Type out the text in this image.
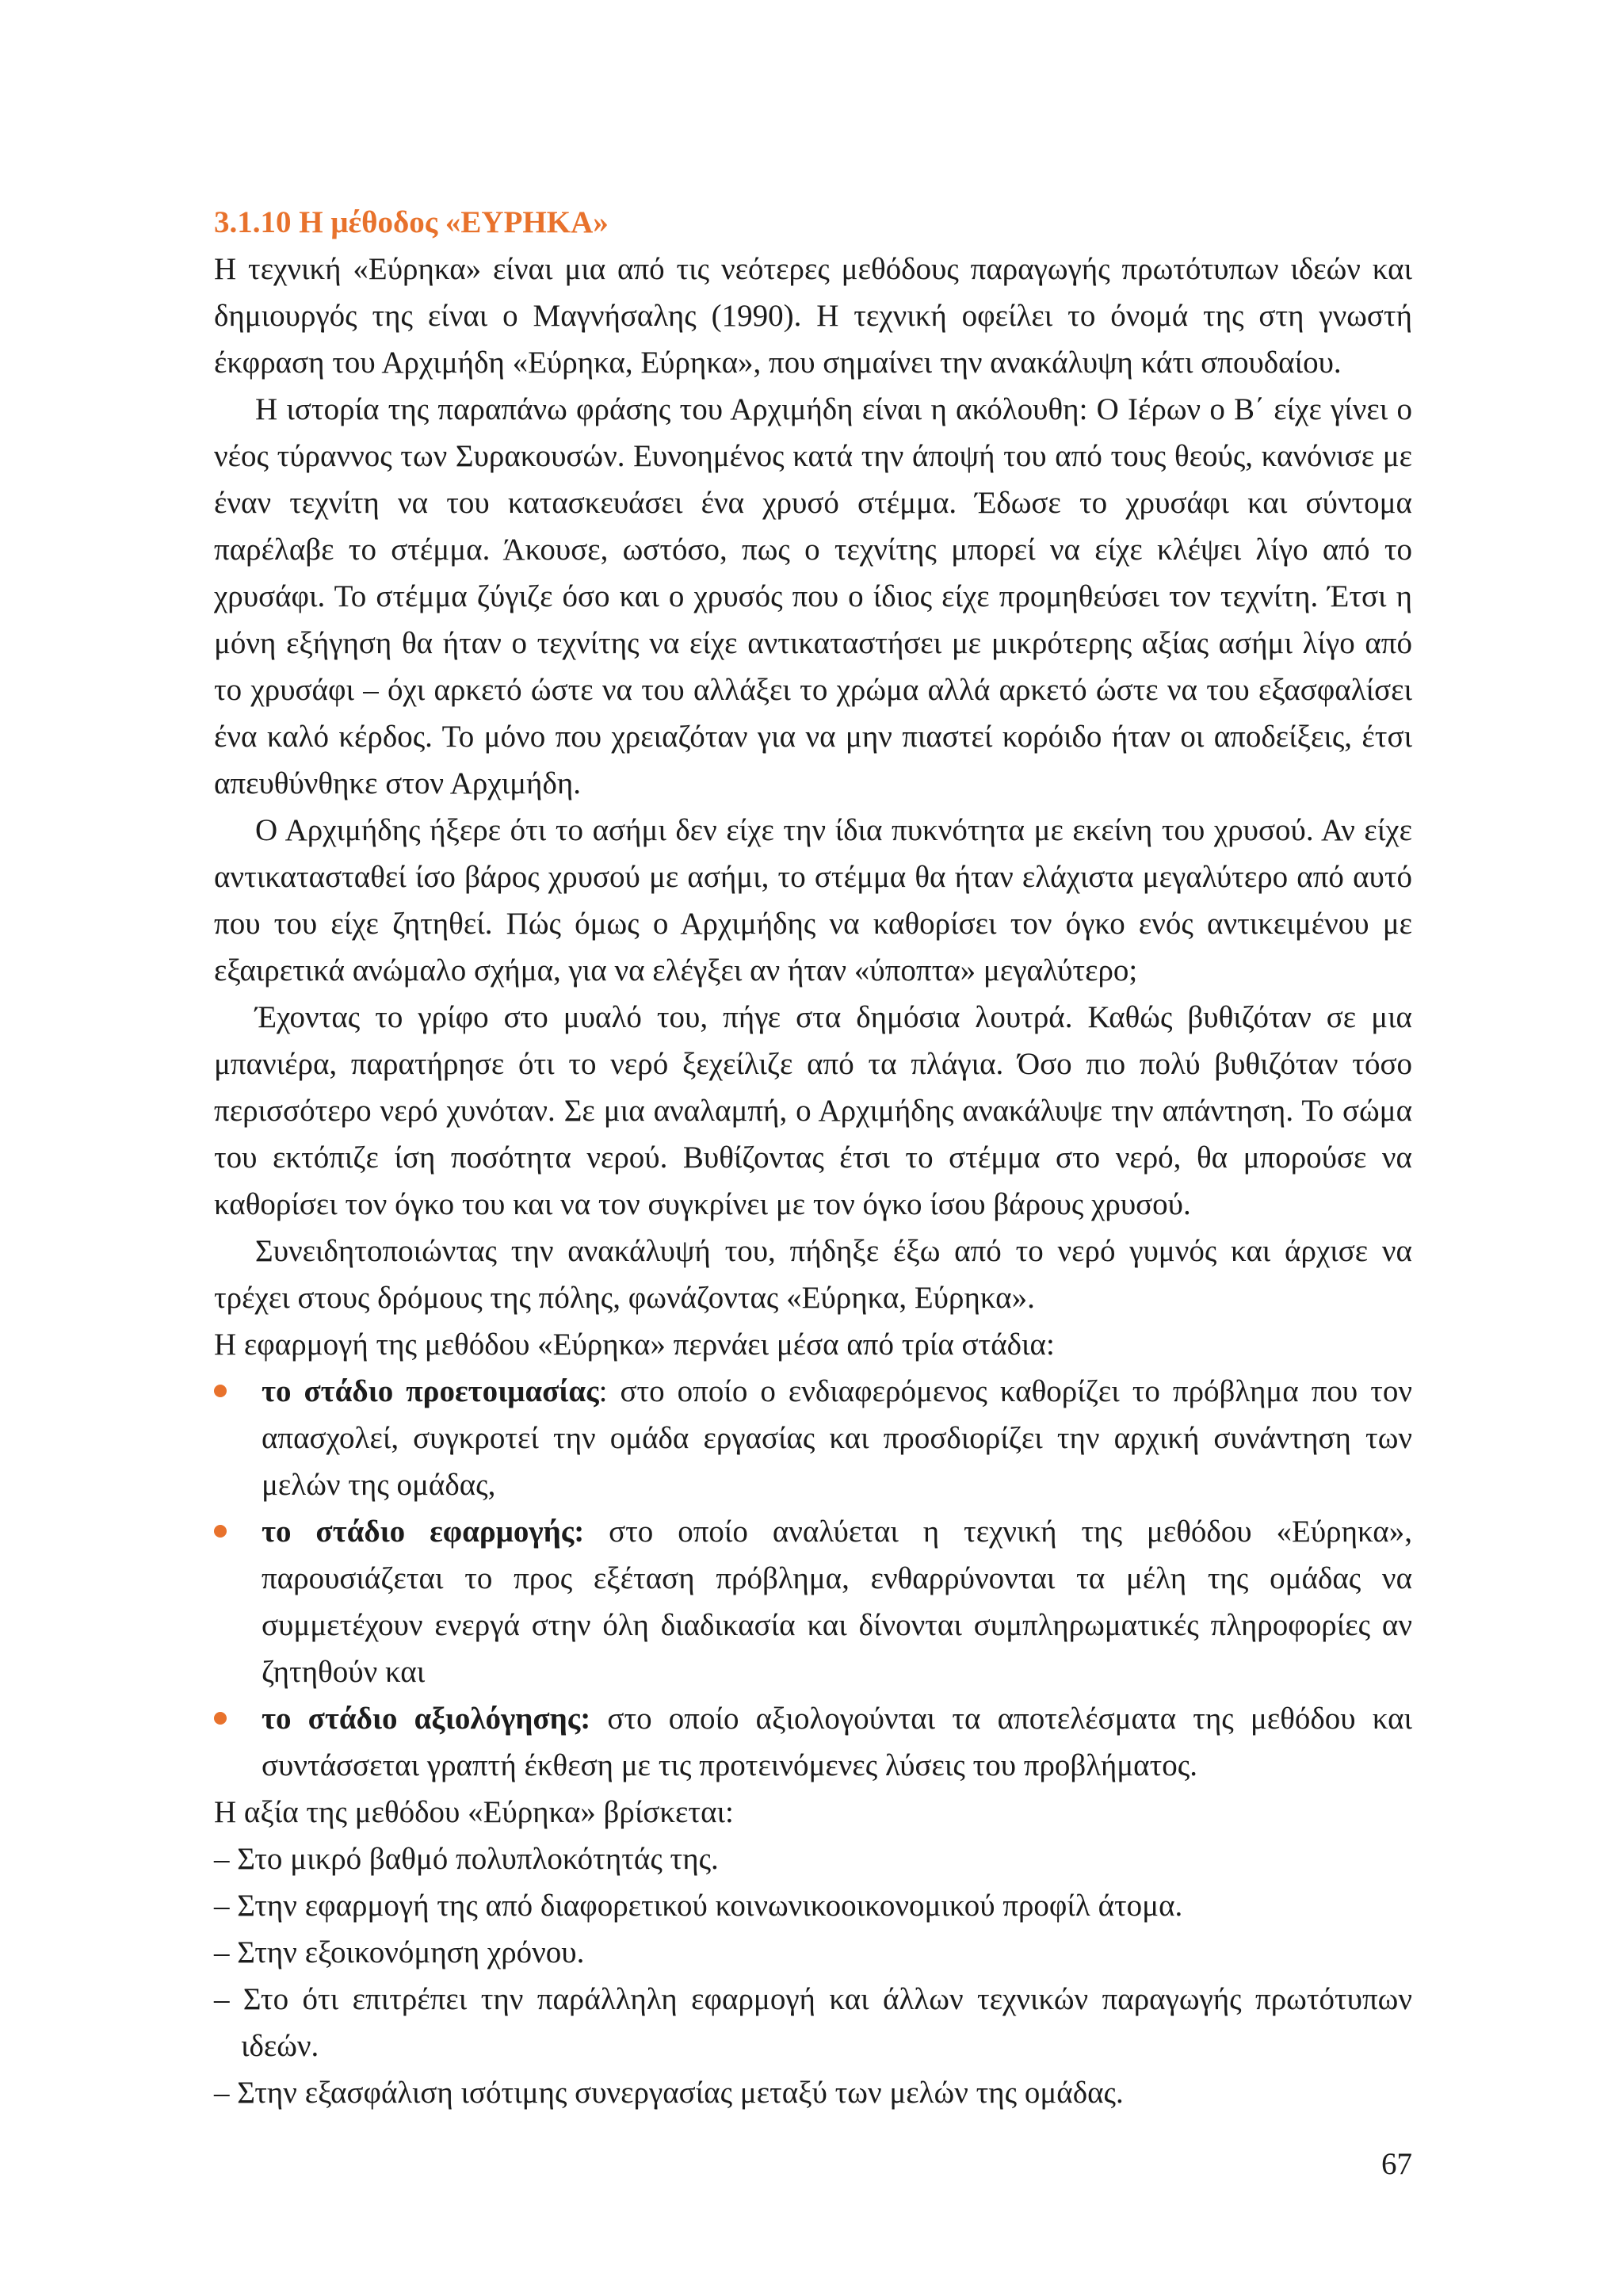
3.1.10 Η μέθοδος «ΕΥΡΗΚΑ»

Η τεχνική «Εύρηκα» είναι μια από τις νεότερες μεθόδους παραγωγής πρωτότυπων ιδεών και δημιουργός της είναι ο Μαγνήσαλης (1990). Η τεχνική οφείλει το όνομά της στη γνωστή έκφραση του Αρχιμήδη «Εύρηκα, Εύρηκα», που σημαίνει την ανακάλυψη κάτι σπουδαίου.

Η ιστορία της παραπάνω φράσης του Αρχιμήδη είναι η ακόλουθη: Ο Ιέρων ο Β΄ είχε γίνει ο νέος τύραννος των Συρακουσών. Ευνοημένος κατά την άποψή του από τους θεούς, κανόνισε με έναν τεχνίτη να του κατασκευάσει ένα χρυσό στέμμα. Έδωσε το χρυσάφι και σύντομα παρέλαβε το στέμμα. Άκουσε, ωστόσο, πως ο τεχνίτης μπορεί να είχε κλέψει λίγο από το χρυσάφι. Το στέμμα ζύγιζε όσο και ο χρυσός που ο ίδιος είχε προμηθεύσει τον τεχνίτη. Έτσι η μόνη εξήγηση θα ήταν ο τεχνίτης να είχε αντικαταστήσει με μικρότερης αξίας ασήμι λίγο από το χρυσάφι – όχι αρκετό ώστε να του αλλάξει το χρώμα αλλά αρκετό ώστε να του εξασφαλίσει ένα καλό κέρδος. Το μόνο που χρειαζόταν για να μην πιαστεί κορόιδο ήταν οι αποδείξεις, έτσι απευθύνθηκε στον Αρχιμήδη.

Ο Αρχιμήδης ήξερε ότι το ασήμι δεν είχε την ίδια πυκνότητα με εκείνη του χρυσού. Αν είχε αντικατασταθεί ίσο βάρος χρυσού με ασήμι, το στέμμα θα ήταν ελάχιστα μεγαλύτερο από αυτό που του είχε ζητηθεί. Πώς όμως ο Αρχιμήδης να καθορίσει τον όγκο ενός αντικειμένου με εξαιρετικά ανώμαλο σχήμα, για να ελέγξει αν ήταν «ύποπτα» μεγαλύτερο;

Έχοντας το γρίφο στο μυαλό του, πήγε στα δημόσια λουτρά. Καθώς βυθιζόταν σε μια μπανιέρα, παρατήρησε ότι το νερό ξεχείλιζε από τα πλάγια. Όσο πιο πολύ βυθιζόταν τόσο περισσότερο νερό χυνόταν. Σε μια αναλαμπή, ο Αρχιμήδης ανακάλυψε την απάντηση. Το σώμα του εκτόπιζε ίση ποσότητα νερού. Βυθίζοντας έτσι το στέμμα στο νερό, θα μπορούσε να καθορίσει τον όγκο του και να τον συγκρίνει με τον όγκο ίσου βάρους χρυσού.

Συνειδητοποιώντας την ανακάλυψή του, πήδηξε έξω από το νερό γυμνός και άρχισε να τρέχει στους δρόμους της πόλης, φωνάζοντας «Εύρηκα, Εύρηκα».

Η εφαρμογή της μεθόδου «Εύρηκα» περνάει μέσα από τρία στάδια:

το στάδιο προετοιμασίας: στο οποίο ο ενδιαφερόμενος καθορίζει το πρόβλημα που τον απασχολεί, συγκροτεί την ομάδα εργασίας και προσδιορίζει την αρχική συνάντηση των μελών της ομάδας,
το στάδιο εφαρμογής: στο οποίο αναλύεται η τεχνική της μεθόδου «Εύρηκα», παρουσιάζεται το προς εξέταση πρόβλημα, ενθαρρύνονται τα μέλη της ομάδας να συμμετέχουν ενεργά στην όλη διαδικασία και δίνονται συμπληρωματικές πληροφορίες αν ζητηθούν και
το στάδιο αξιολόγησης: στο οποίο αξιολογούνται τα αποτελέσματα της μεθόδου και συντάσσεται γραπτή έκθεση με τις προτεινόμενες λύσεις του προβλήματος.

Η αξία της μεθόδου «Εύρηκα» βρίσκεται:

– Στο μικρό βαθμό πολυπλοκότητάς της.
– Στην εφαρμογή της από διαφορετικού κοινωνικοοικονομικού προφίλ άτομα.
– Στην εξοικονόμηση χρόνου.
– Στο ότι επιτρέπει την παράλληλη εφαρμογή και άλλων τεχνικών παραγωγής πρωτότυπων ιδεών.
– Στην εξασφάλιση ισότιμης συνεργασίας μεταξύ των μελών της ομάδας.
67
